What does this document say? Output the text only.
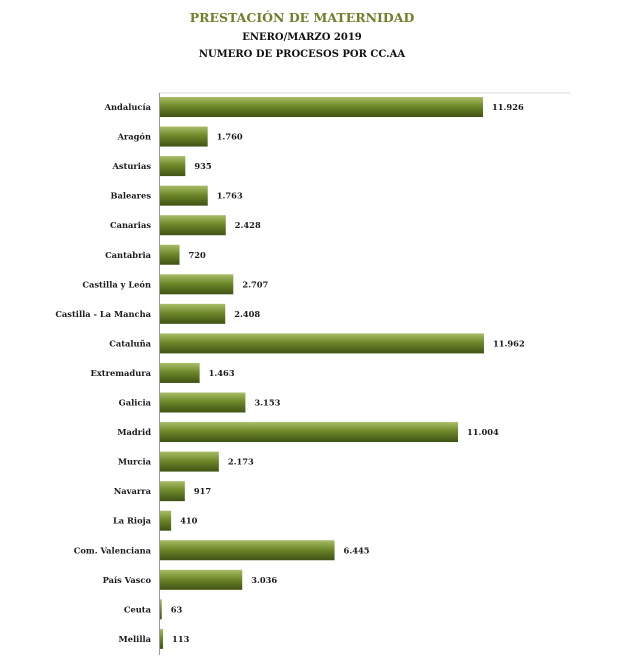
PRESTACIÓN DE MATERNIDAD
ENERO/MARZO 2019
NUMERO DE PROCESOS POR CC.AA
Andalucía
Aragón
Asturias
Baleares
Canarias
Cantabria
Castilla y León
Castilla - La Mancha
Cataluña
Extremadura
Galicia
Madrid
Murcia
Navarra
La Rioja
Com. Valenciana
País Vasco
Ceuta
Melilla
11.926
1.760
935
1.763
2.428
720
2.707
2.408
11.962
1.463
3.153
11.004
2.173
917
410
6.445
3.036
63
113
